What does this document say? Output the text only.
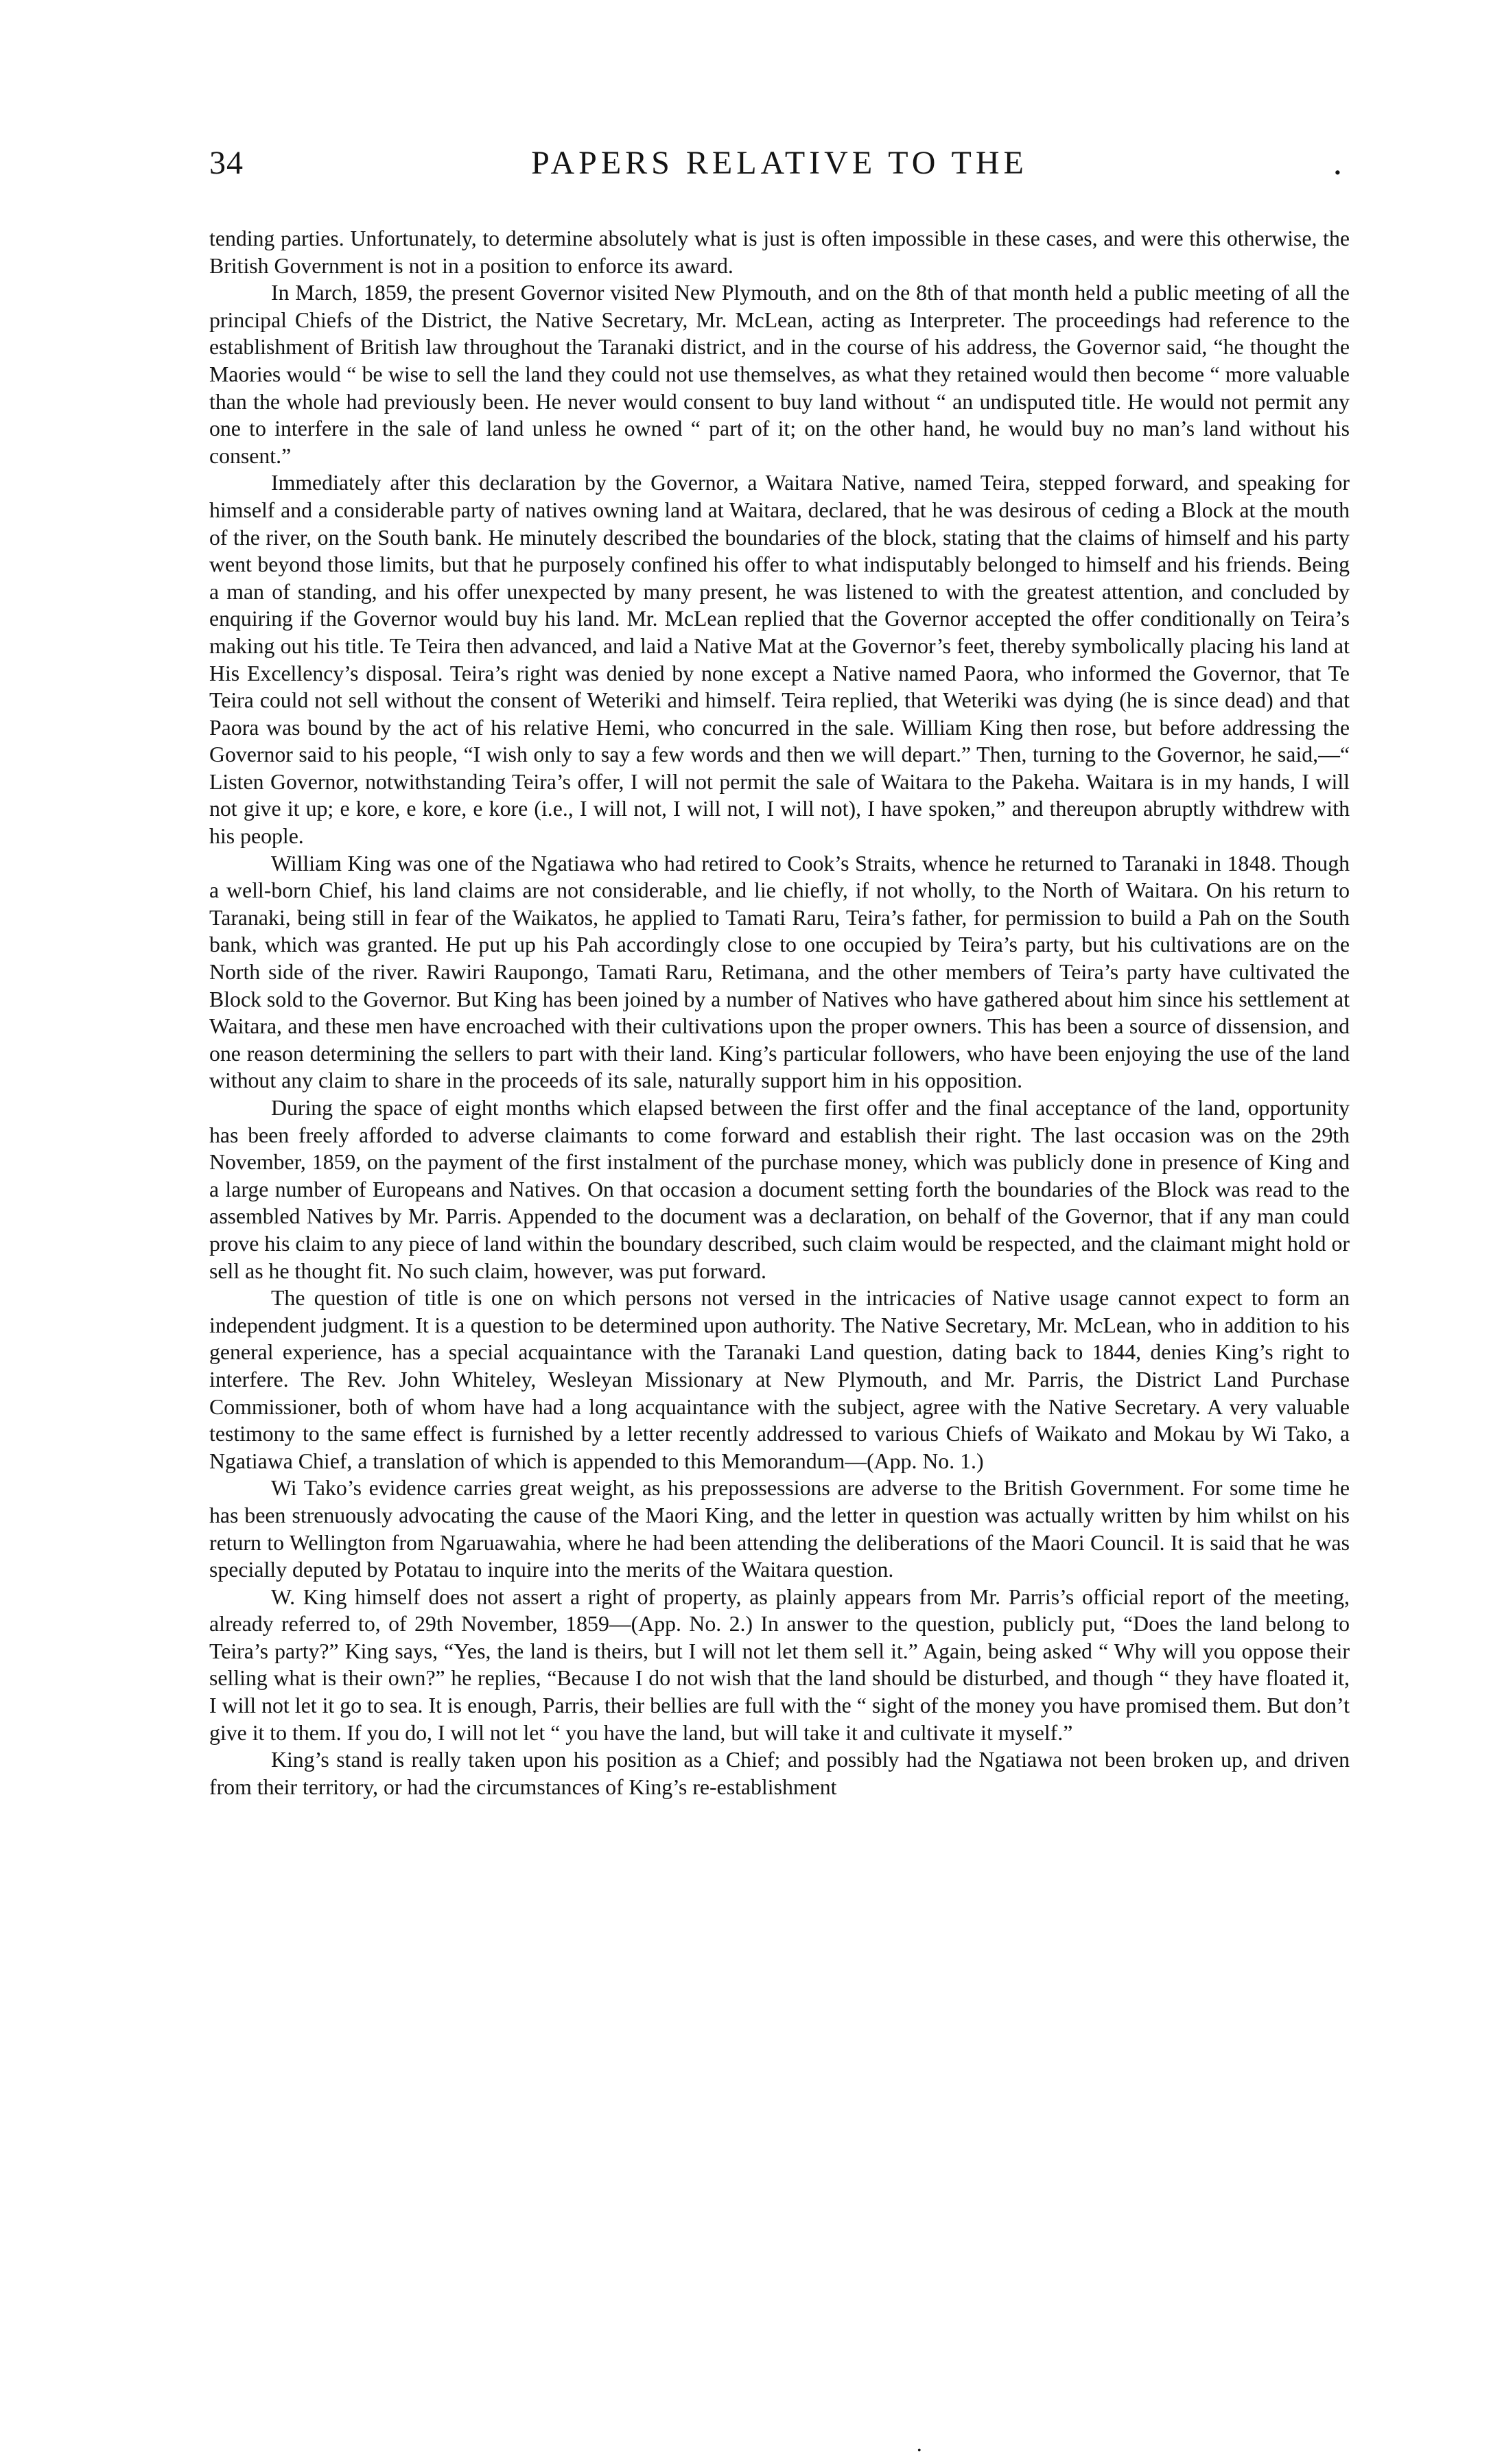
34	PAPERS RELATIVE TO THE	.

tending parties. Unfortunately, to determine absolutely what is just is often impossible in these cases, and were this otherwise, the British Government is not in a position to enforce its award.

In March, 1859, the present Governor visited New Plymouth, and on the 8th of that month held a public meeting of all the principal Chiefs of the District, the Native Secretary, Mr. McLean, acting as Interpreter. The proceedings had reference to the establishment of British law throughout the Taranaki district, and in the course of his address, the Governor said, “he thought the Maories would “ be wise to sell the land they could not use themselves, as what they retained would then become “ more valuable than the whole had previously been. He never would consent to buy land without “ an undisputed title. He would not permit any one to interfere in the sale of land unless he owned “ part of it; on the other hand, he would buy no man’s land without his consent.”

Immediately after this declaration by the Governor, a Waitara Native, named Teira, stepped forward, and speaking for himself and a considerable party of natives owning land at Waitara, declared, that he was desirous of ceding a Block at the mouth of the river, on the South bank. He minutely described the boundaries of the block, stating that the claims of himself and his party went beyond those limits, but that he purposely confined his offer to what indisputably belonged to himself and his friends. Being a man of standing, and his offer unexpected by many present, he was listened to with the greatest attention, and concluded by enquiring if the Governor would buy his land. Mr. McLean replied that the Governor accepted the offer conditionally on Teira’s making out his title. Te Teira then advanced, and laid a Native Mat at the Governor’s feet, thereby symbolically placing his land at His Excellency’s disposal. Teira’s right was denied by none except a Native named Paora, who informed the Governor, that Te Teira could not sell without the consent of Weteriki and himself. Teira replied, that Weteriki was dying (he is since dead) and that Paora was bound by the act of his relative Hemi, who concurred in the sale. William King then rose, but before addressing the Governor said to his people, “I wish only to say a few words and then we will depart.” Then, turning to the Governor, he said,—“ Listen Governor, notwithstanding Teira’s offer, I will not permit the sale of Waitara to the Pakeha. Waitara is in my hands, I will not give it up; e kore, e kore, e kore (i.e., I will not, I will not, I will not), I have spoken,” and thereupon abruptly withdrew with his people.

William King was one of the Ngatiawa who had retired to Cook’s Straits, whence he returned to Taranaki in 1848. Though a well-born Chief, his land claims are not considerable, and lie chiefly, if not wholly, to the North of Waitara. On his return to Taranaki, being still in fear of the Waikatos, he applied to Tamati Raru, Teira’s father, for permission to build a Pah on the South bank, which was granted. He put up his Pah accordingly close to one occupied by Teira’s party, but his cultivations are on the North side of the river. Rawiri Raupongo, Tamati Raru, Retimana, and the other members of Teira’s party have cultivated the Block sold to the Governor. But King has been joined by a number of Natives who have gathered about him since his settlement at Waitara, and these men have encroached with their cultivations upon the proper owners. This has been a source of dissension, and one reason determining the sellers to part with their land. King’s particular followers, who have been enjoying the use of the land without any claim to share in the proceeds of its sale, naturally support him in his opposition.

During the space of eight months which elapsed between the first offer and the final acceptance of the land, opportunity has been freely afforded to adverse claimants to come forward and establish their right. The last occasion was on the 29th November, 1859, on the payment of the first instalment of the purchase money, which was publicly done in presence of King and a large number of Europeans and Natives. On that occasion a document setting forth the boundaries of the Block was read to the assembled Natives by Mr. Parris. Appended to the document was a declaration, on behalf of the Governor, that if any man could prove his claim to any piece of land within the boundary described, such claim would be respected, and the claimant might hold or sell as he thought fit. No such claim, however, was put forward.

The question of title is one on which persons not versed in the intricacies of Native usage cannot expect to form an independent judgment. It is a question to be determined upon authority. The Native Secretary, Mr. McLean, who in addition to his general experience, has a special acquaintance with the Taranaki Land question, dating back to 1844, denies King’s right to interfere. The Rev. John Whiteley, Wesleyan Missionary at New Plymouth, and Mr. Parris, the District Land Purchase Commissioner, both of whom have had a long acquaintance with the subject, agree with the Native Secretary. A very valuable testimony to the same effect is furnished by a letter recently addressed to various Chiefs of Waikato and Mokau by Wi Tako, a Ngatiawa Chief, a translation of which is appended to this Memorandum—(App. No. 1.)

Wi Tako’s evidence carries great weight, as his prepossessions are adverse to the British Government. For some time he has been strenuously advocating the cause of the Maori King, and the letter in question was actually written by him whilst on his return to Wellington from Ngaruawahia, where he had been attending the deliberations of the Maori Council. It is said that he was specially deputed by Potatau to inquire into the merits of the Waitara question.

W. King himself does not assert a right of property, as plainly appears from Mr. Parris’s official report of the meeting, already referred to, of 29th November, 1859—(App. No. 2.) In answer to the question, publicly put, “Does the land belong to Teira’s party?” King says, “Yes, the land is theirs, but I will not let them sell it.” Again, being asked “ Why will you oppose their selling what is their own?” he replies, “Because I do not wish that the land should be disturbed, and though “ they have floated it, I will not let it go to sea. It is enough, Parris, their bellies are full with the “ sight of the money you have promised them. But don’t give it to them. If you do, I will not let “ you have the land, but will take it and cultivate it myself.”

King’s stand is really taken upon his position as a Chief; and possibly had the Ngatiawa not been broken up, and driven from their territory, or had the circumstances of King’s re-establishment

.
